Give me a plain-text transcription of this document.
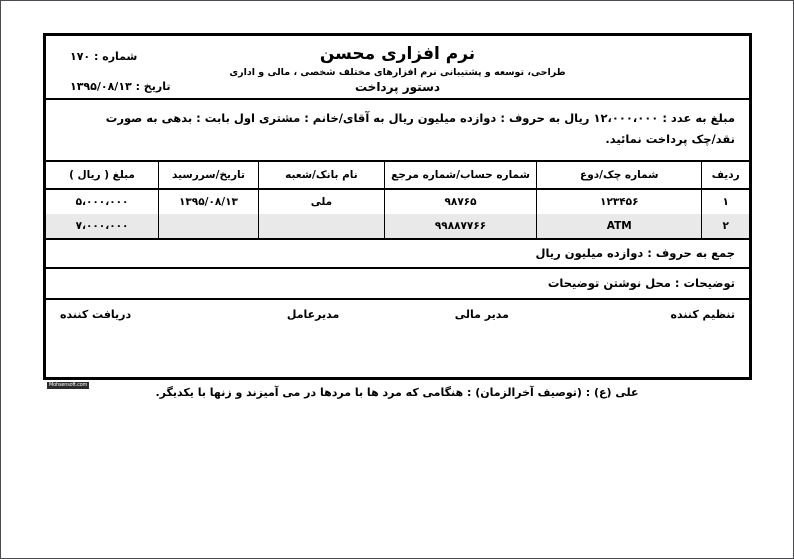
شماره : ۱۷۰	نرم افزاری محسن
طراحی، توسعه و پشتیبانی نرم افزارهای مختلف شخصی ، مالی و اداری
تاریخ : ۱۳۹۵/۰۸/۱۳	دستور پرداخت
مبلغ به عدد : ۱۲،۰۰۰،۰۰۰ ریال به حروف : دوازده میلیون ریال به آقای/خانم : مشتری اول بابت : بدهی به صورت
نقد/چک پرداخت نمائید.
ردیف	شماره چک/دوع	شماره حساب/شماره مرجع	نام بانک/شعبه	تاریخ/سررسید	مبلغ ( ریال )
۱	۱۲۳۴۵۶	۹۸۷۶۵	ملی	۱۳۹۵/۰۸/۱۳	۵،۰۰۰،۰۰۰
۲	ATM	۹۹۸۸۷۷۶۶			۷،۰۰۰،۰۰۰
جمع به حروف : دوازده میلیون ریال
توضیحات : محل نوشتن توضیحات
تنظیم کننده
مدیر مالی
مدیرعامل
دریافت کننده
Mohsensoft.com
علی (ع) : (توصیف آخرالزمان) : هنگامی که مرد ها با مردها در می آمیزند و زنها با یکدیگر.
